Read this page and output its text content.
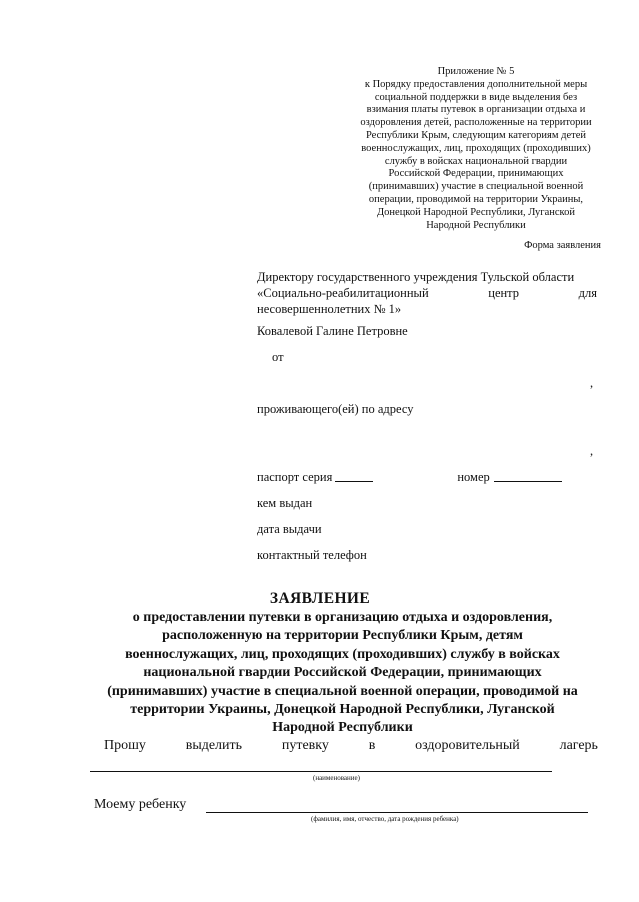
Приложение № 5
к Порядку предоставления дополнительной меры
социальной поддержки в виде выделения без
взимания платы путевок в организации отдыха и
оздоровления детей, расположенные на территории
Республики Крым, следующим категориям детей
военнослужащих, лиц, проходящих (проходивших)
службу в войсках национальной гвардии
Российской Федерации, принимающих
(принимавших) участие в специальной военной
операции, проводимой на территории Украины,
Донецкой Народной Республики, Луганской
Народной Республики
Форма заявления
Директору государственного учреждения Тульской области
«Социально-реабилитационный	центр	для
несовершеннолетних № 1»
Ковалевой Галине Петровне
от
,
проживающего(ей) по адресу
,
паспорт серия	номер
кем выдан
дата выдачи
контактный телефон
ЗАЯВЛЕНИЕ
о предоставлении путевки в организацию отдыха и оздоровления,
расположенную на территории Республики Крым, детям
военнослужащих, лиц, проходящих (проходивших) службу в войсках
национальной гвардии Российской Федерации, принимающих
(принимавших) участие в специальной военной операции, проводимой на
территории Украины, Донецкой Народной Республики, Луганской
Народной Республики
Прошу	выделить	путевку	в	оздоровительный	лагерь
(наименование)
Моему ребенку
(фамилия, имя, отчество, дата рождения ребенка)
